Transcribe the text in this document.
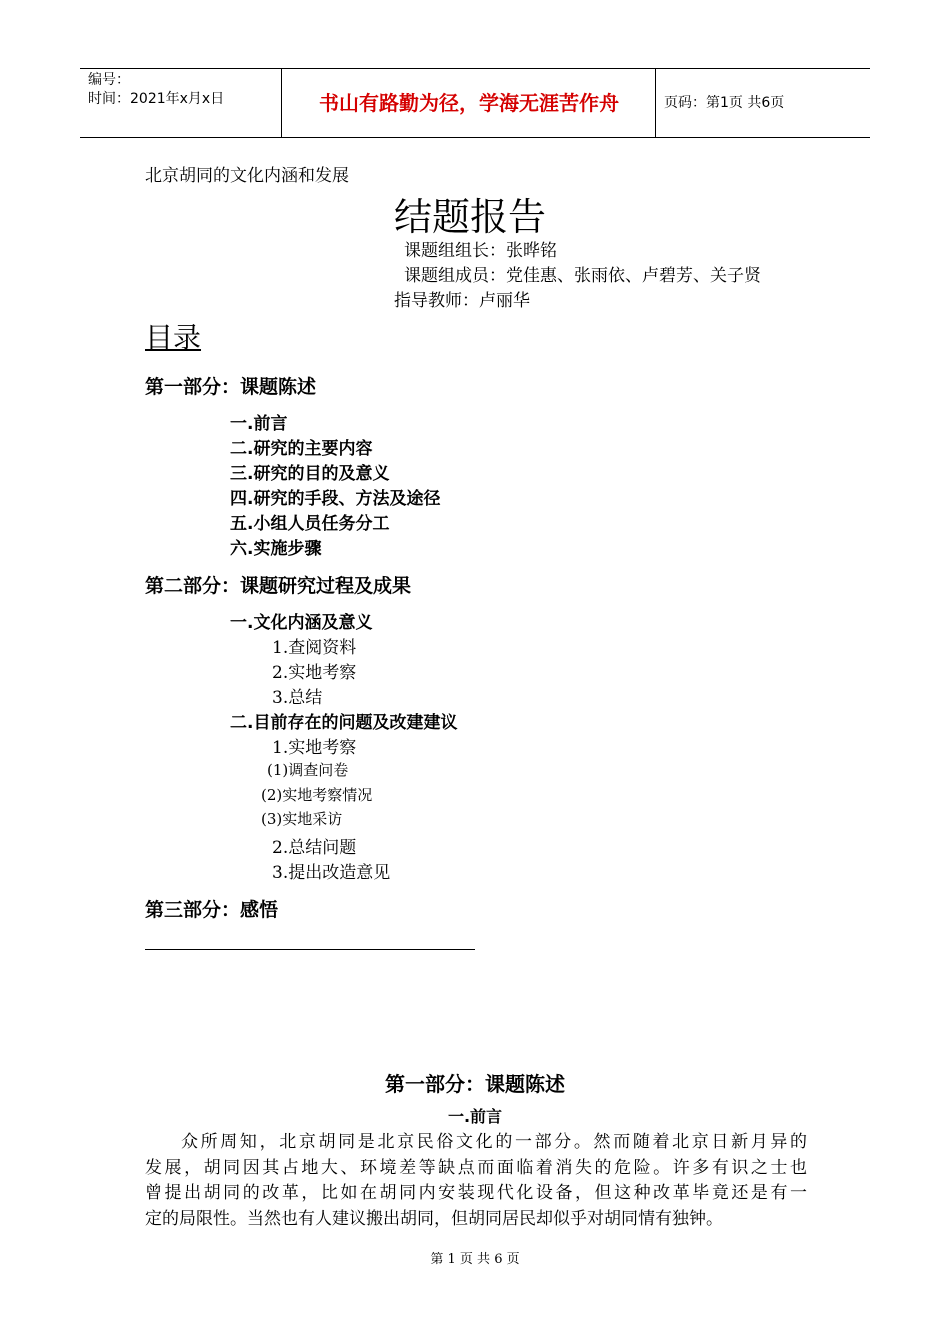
编号：
时间：2021年x月x日	书山有路勤为径，学海无涯苦作舟	页码：第1页 共6页
北京胡同的文化内涵和发展
结题报告
课题组组长：张晔铭
课题组成员：党佳惠、张雨依、卢碧芳、关子贤
指导教师：卢丽华
目录
第一部分：课题陈述
一.前言
二.研究的主要内容
三.研究的目的及意义
四.研究的手段、方法及途径
五.小组人员任务分工
六.实施步骤
第二部分：课题研究过程及成果
一.文化内涵及意义
1.查阅资料
2.实地考察
3.总结
二.目前存在的问题及改建建议
1.实地考察
(1)调查问卷
(2)实地考察情况
(3)实地采访
2.总结问题
3.提出改造意见
第三部分：感悟
第一部分：课题陈述
一.前言
众所周知，北京胡同是北京民俗文化的一部分。然而随着北京日新月异的
发展，胡同因其占地大、环境差等缺点而面临着消失的危险。许多有识之士也
曾提出胡同的改革，比如在胡同内安装现代化设备，但这种改革毕竟还是有一
定的局限性。当然也有人建议搬出胡同，但胡同居民却似乎对胡同情有独钟。
第 1 页 共 6 页
